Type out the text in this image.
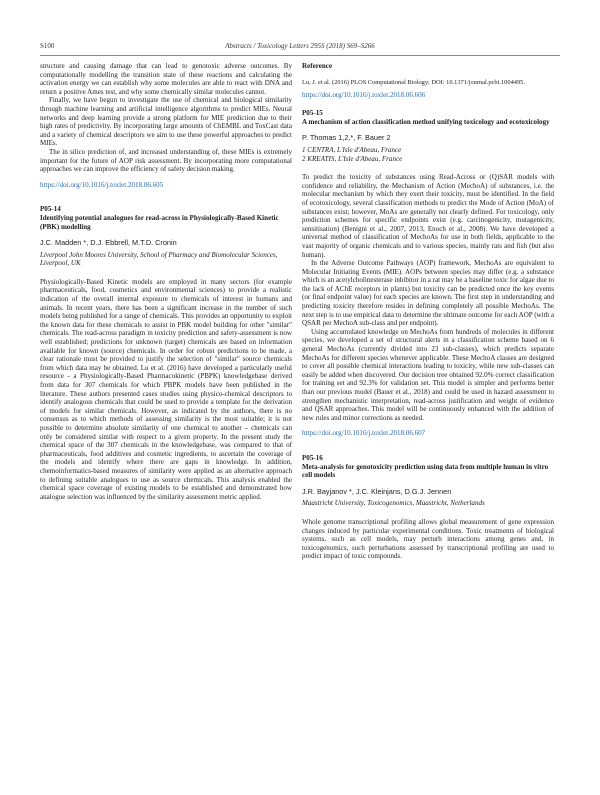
S100	Abstracts / Toxicology Letters 295S (2018) S69–S266

structure and causing damage that can lead to genotoxic adverse outcomes. By computationally modelling the transition state of these reactions and calculating the activation energy we can establish why some molecules are able to react with DNA and return a positive Ames test, and why some chemically similar molecules cannot.

Finally, we have begun to investigate the use of chemical and biological similarity through machine learning and artificial intelligence algorithms to predict MIEs. Neural networks and deep learning provide a strong platform for MIE prediction due to their high rates of predictivity. By incorporating large amounts of ChEMBL and ToxCast data and a variety of chemical descriptors we aim to use these powerful approaches to predict MIEs.

The in silico prediction of, and increased understanding of, these MIEs is extremely important for the future of AOP risk assessment. By incorporating more computational approaches we can improve the efficiency of safety decision making.

https://doi.org/10.1016/j.toxlet.2018.06.605

P05-14
Identifying potential analogues for read-across in Physiologically-Based Kinetic (PBK) modelling
J.C. Madden *, D.J. Ebbrell, M.T.D. Cronin
Liverpool John Moores University, School of Pharmacy and Biomolecular Sciences, Liverpool, UK

Physiologically-Based Kinetic models are employed in many sectors (for example pharmaceuticals, food, cosmetics and environmental sciences) to provide a realistic indication of the overall internal exposure to chemicals of interest in humans and animals. In recent years, there has been a significant increase in the number of such models being published for a range of chemicals. This provides an opportunity to exploit the known data for these chemicals to assist in PBK model building for other "similar" chemicals. The read-across paradigm in toxicity prediction and safety-assessment is now well established; predictions for unknown (target) chemicals are based on information available for known (source) chemicals. In order for robust predictions to be made, a clear rationale must be provided to justify the selection of "similar" source chemicals from which data may be obtained. Lu et al. (2016) have developed a particularly useful resource - a Physiologically-Based Pharmacokinetic (PBPK) knowledgebase derived from data for 307 chemicals for which PBPK models have been published in the literature. These authors presented cases studies using physico-chemical descriptors to identify analogous chemicals that could be used to provide a template for the derivation of models for similar chemicals. However, as indicated by the authors, there is no consensus as to which methods of assessing similarity is the most suitable; it is not possible to determine absolute similarity of one chemical to another – chemicals can only be considered similar with respect to a given property. In the present study the chemical space of the 307 chemicals in the knowledgebase, was compared to that of pharmaceuticals, food additives and cosmetic ingredients, to ascertain the coverage of the models and identify where there are gaps in knowledge. In addition, chemoinformatics-based measures of similarity were applied as an alternative approach to defining suitable analogues to use as source chemicals. This analysis enabled the chemical space coverage of existing models to be established and demonstrated how analogue selection was influenced by the similarity assessment metric applied.

Reference

Lu, J. et al. (2016) PLOS Computational Biology; DOI: 10.1371/journal.pcbi.1004495.

https://doi.org/10.1016/j.toxlet.2018.06.606

P05-15
A mechanism of action classification method unifying toxicology and ecotoxicology
P. Thomas 1,2,*, F. Bauer 2
1 CENTRA, L'Isle d'Abeau, France
2 KREATIS, L'Isle d'Abeau, France

To predict the toxicity of substances using Read-Across or (Q)SAR models with confidence and reliability, the Mechanism of Action (MechoA) of substances, i.e. the molecular mechanism by which they exert their toxicity, must be identified. In the field of ecotoxicology, several classification methods to predict the Mode of Action (MoA) of substances exist; however, MoAs are generally not clearly defined. For toxicology, only prediction schemes for specific endpoints exist (e.g. carcinogenicity, mutagenicity, sensitisation) (Benigni et al., 2007, 2013, Enoch et al., 2008). We have developed a universal method of classification of MechoAs for use in both fields, applicable to the vast majority of organic chemicals and to various species, mainly rats and fish (but also human).

In the Adverse Outcome Pathways (AOP) framework, MechoAs are equivalent to Molecular Initiating Events (MIE). AOPs between species may differ (e.g. a substance which is an acetylcholinesterase inhibitor in a rat may be a baseline toxic for algae due to the lack of AChE receptors in plants) but toxicity can be predicted once the key events (or final endpoint value) for each species are known. The first step in understanding and predicting toxicity therefore resides in defining completely all possible MechoAs. The next step is to use empirical data to determine the ultimate outcome for each AOP (with a QSAR per MechoA sub-class and per endpoint).

Using accumulated knowledge on MechoAs from hundreds of molecules in different species, we developed a set of structural alerts in a classification scheme based on 6 general MechoAs (currently divided into 23 sub-classes), which predicts separate MechoAs for different species whenever applicable. These MechoA classes are designed to cover all possible chemical interactions leading to toxicity, while new sub-classes can easily be added when discovered. Our decision tree obtained 92.0% correct classification for training set and 92.3% for validation set. This model is simpler and performs better than our previous model (Bauer et al., 2018) and could be used in hazard assessment to strengthen mechanistic interpretation, read-across justification and weight of evidence and QSAR approaches. This model will be continuously enhanced with the addition of new rules and minor corrections as needed.

https://doi.org/10.1016/j.toxlet.2018.06.607

P05-16
Meta-analysis for genotoxicity prediction using data from multiple human in vitro cell models
J.R. Bayjanov *, J.C. Kleinjans, D.G.J. Jennen
Maastricht University, Toxicogenomics, Maastricht, Netherlands

Whole genome transcriptional profiling allows global measurement of gene expression changes induced by particular experimental conditions. Toxic treatments of biological systems, such as cell models, may perturb interactions among genes and, in toxicogenomics, such perturbations assessed by transcriptional profiling are used to predict impact of toxic compounds.
